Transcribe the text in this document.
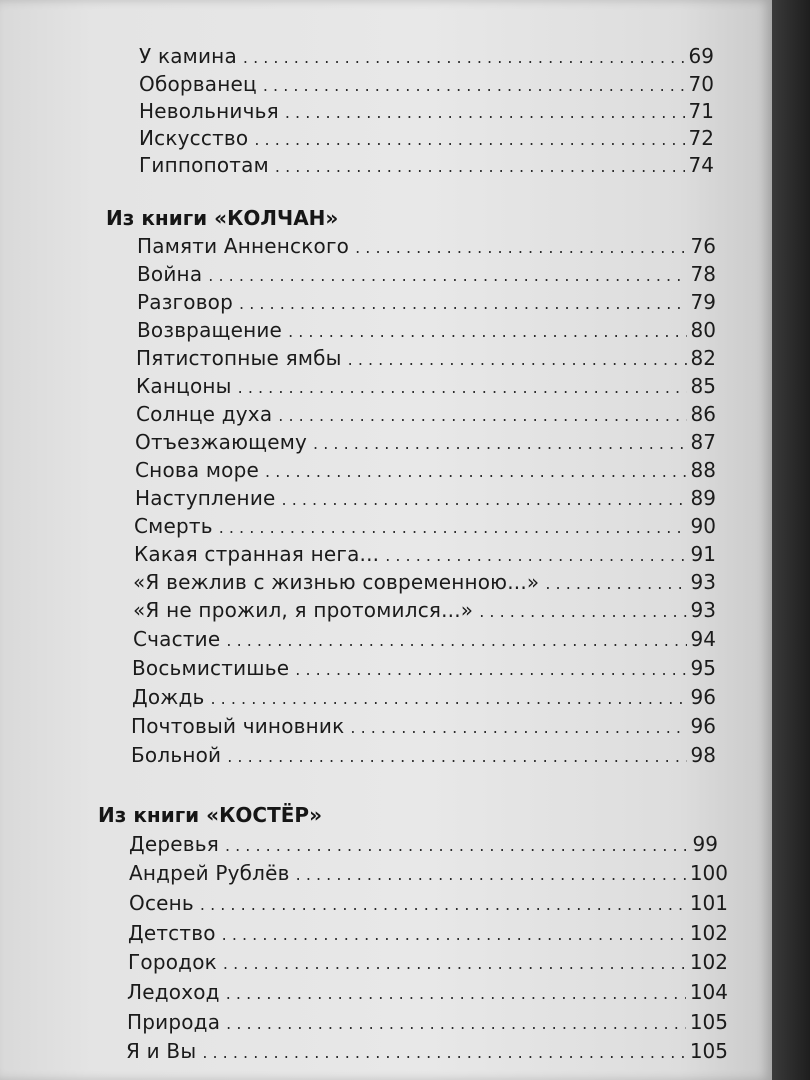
У камина . . .	69
Оборванец . . .	70
Невольничья . . .	71
Искусство . . .	72
Гиппопотам . . .	74
Из книги «КОЛЧАН»
Памяти Анненского . . .	76
Война . . .	78
Разговор . . .	79
Возвращение . . .	80
Пятистопные ямбы . . .	82
Канцоны . . .	85
Солнце духа . . .	86
Отъезжающему . . .	87
Снова море . . .	88
Наступление . . .	89
Смерть . . .	90
Какая странная нега... . . .	91
«Я вежлив с жизнью современною...» . . .	93
«Я не прожил, я протомился...» . . .	93
Счастие . . .	94
Восьмистишье . . .	95
Дождь . . .	96
Почтовый чиновник . . .	96
Больной . . .	98
Из книги «КОСТЁР»
Деревья . . .	99
Андрей Рублёв . . .	100
Осень . . .	101
Детство . . .	102
Городок . . .	102
Ледоход . . .	104
Природа . . .	105
Я и Вы . . .	105
